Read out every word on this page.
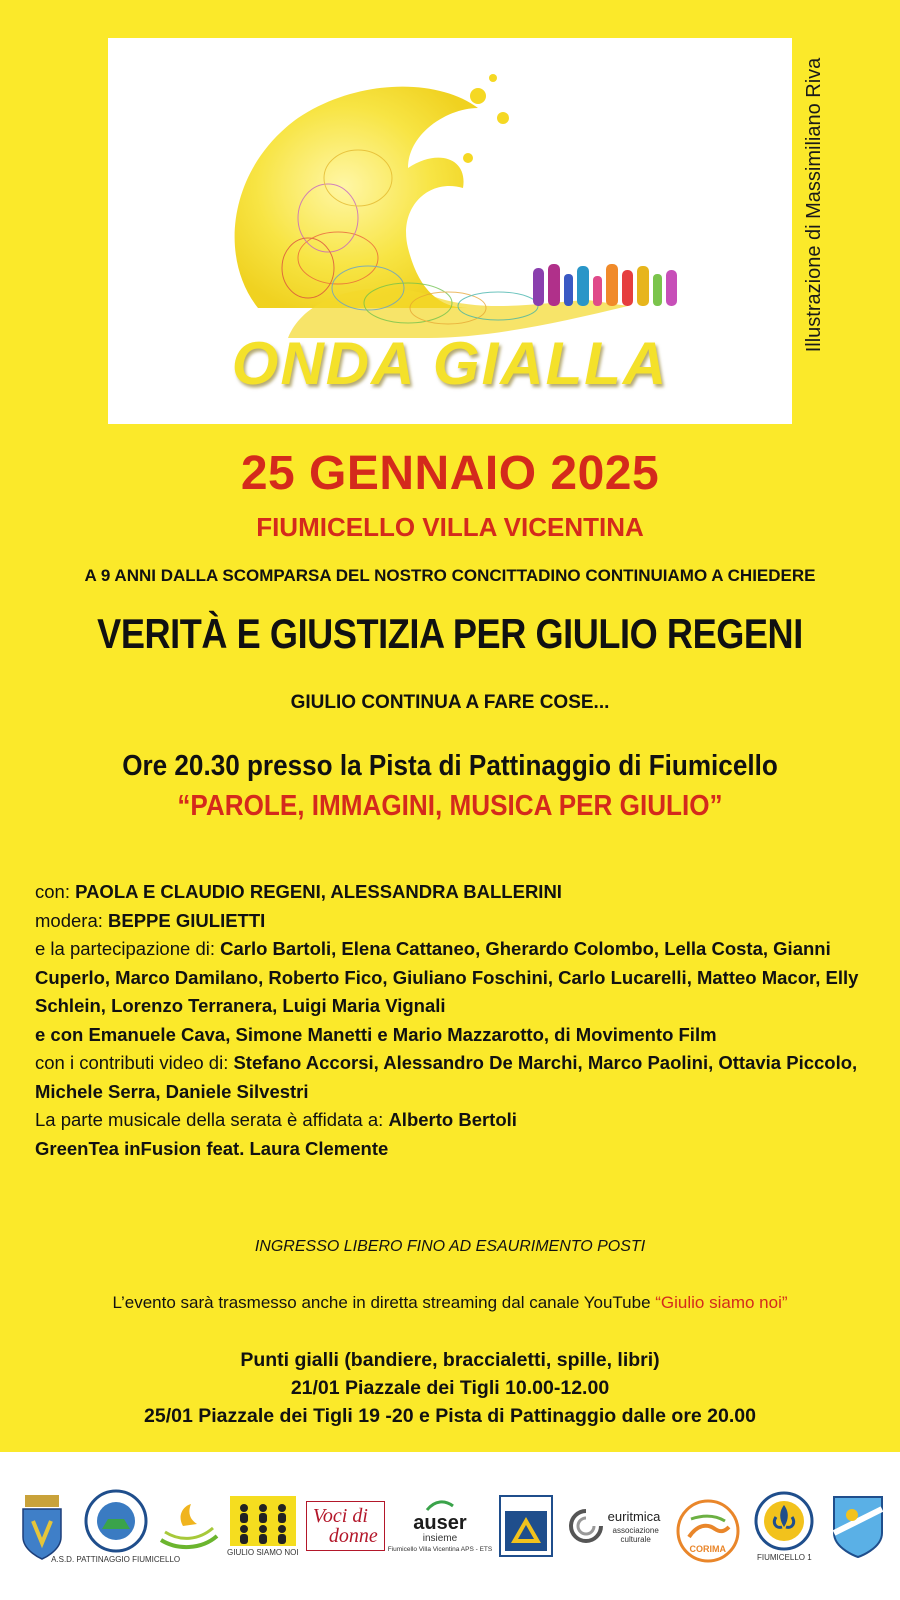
ONDA GIALLA
Illustrazione di Massimiliano Riva
25 GENNAIO 2025
FIUMICELLO VILLA VICENTINA
A 9 ANNI DALLA SCOMPARSA DEL NOSTRO CONCITTADINO CONTINUIAMO A CHIEDERE
VERITÀ E GIUSTIZIA PER GIULIO REGENI
GIULIO CONTINUA A FARE COSE...
Ore 20.30 presso la Pista di Pattinaggio di Fiumicello
“PAROLE, IMMAGINI, MUSICA PER GIULIO”
con: PAOLA E CLAUDIO REGENI, ALESSANDRA BALLERINI
modera: BEPPE GIULIETTI
e la partecipazione di: Carlo Bartoli, Elena Cattaneo, Gherardo Colombo, Lella Costa, Gianni Cuperlo, Marco Damilano, Roberto Fico, Giuliano Foschini, Carlo Lucarelli, Matteo Macor, Elly Schlein, Lorenzo Terranera, Luigi Maria Vignali
e con Emanuele Cava, Simone Manetti e Mario Mazzarotto, di Movimento Film
con i contributi video di: Stefano Accorsi, Alessandro De Marchi, Marco Paolini, Ottavia Piccolo, Michele Serra, Daniele Silvestri
La parte musicale della serata è affidata a: Alberto Bertoli
GreenTea inFusion feat. Laura Clemente
INGRESSO LIBERO FINO AD ESAURIMENTO POSTI
L’evento sarà trasmesso anche in diretta streaming dal canale YouTube “Giulio siamo noi”
Punti gialli (bandiere, braccialetti, spille, libri)
21/01 Piazzale dei Tigli 10.00-12.00
25/01 Piazzale dei Tigli 19 -20 e Pista di Pattinaggio dalle ore 20.00
A.S.D. PATTINAGGIO FIUMICELLO
GIULIO SIAMO NOI
Voci di
donne
auser
insieme
Fiumicello Villa Vicentina APS - ETS
euritmica
associazione culturale
CORIMA
FIUMICELLO 1
